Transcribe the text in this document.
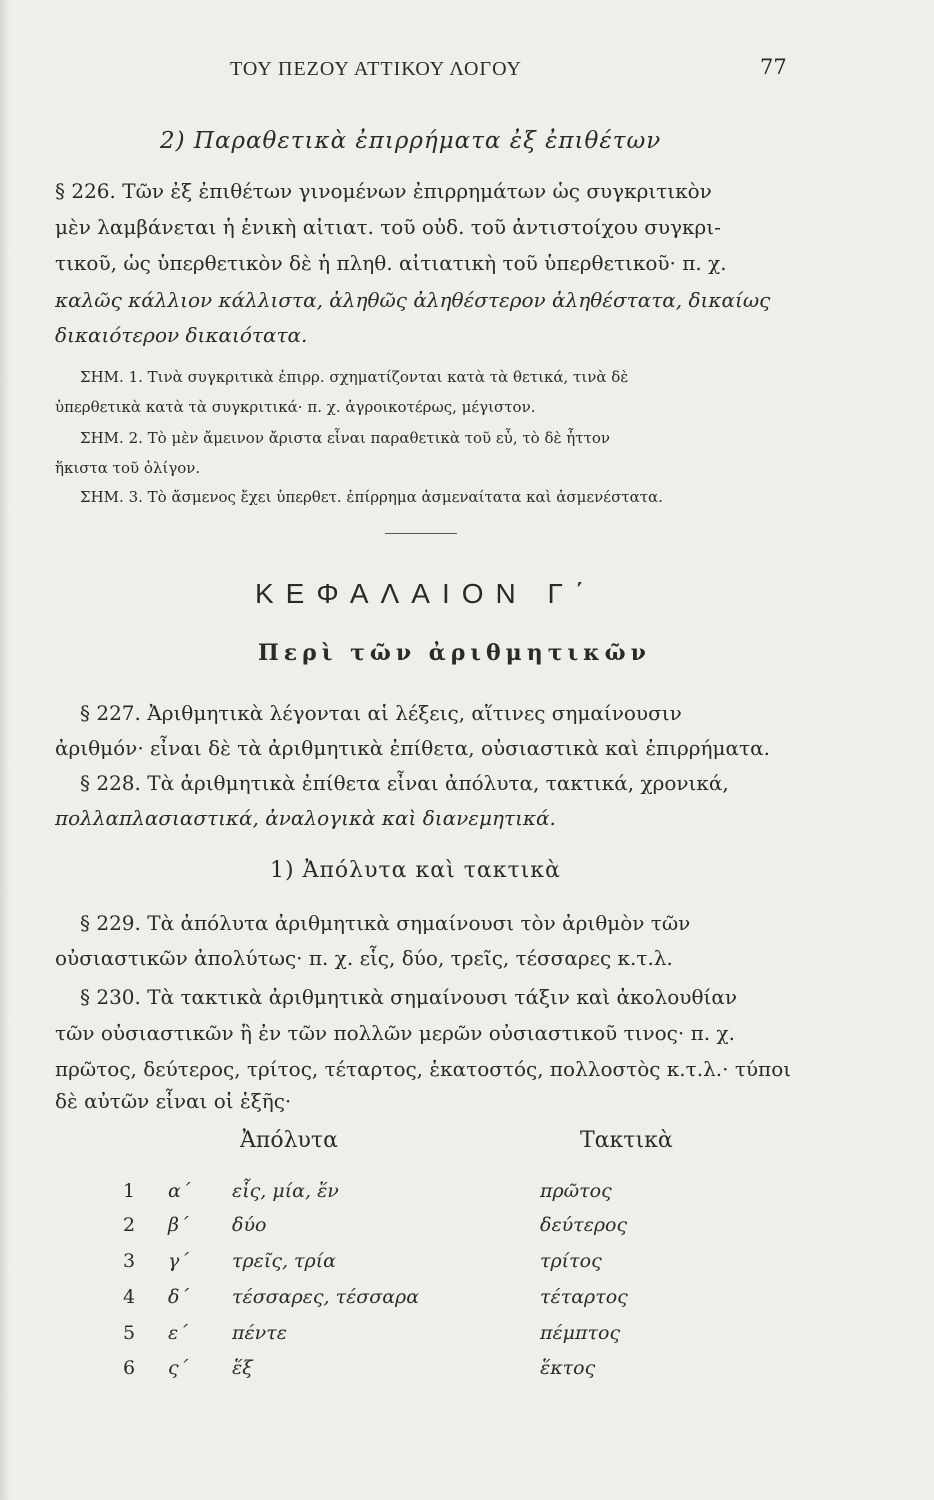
ΤΟΥ ΠΕΖΟΥ ΑΤΤΙΚΟΥ ΛΟΓΟΥ	77
2) Παραθετικὰ ἐπιρρήματα ἐξ ἐπιθέτων
§ 226. Τῶν ἐξ ἐπιθέτων γινομένων ἐπιρρημάτων ὡς συγκριτικὸν
μὲν λαμβάνεται ἡ ἑνικὴ αἰτιατ. τοῦ οὐδ. τοῦ ἀντιστοίχου συγκρι-
τικοῦ, ὡς ὑπερθετικὸν δὲ ἡ πληθ. αἰτιατικὴ τοῦ ὑπερθετικοῦ· π. χ.
καλῶς κάλλιον κάλλιστα, ἀληθῶς ἀληθέστερον ἀληθέστατα, δικαίως
δικαιότερον δικαιότατα.
ΣΗΜ. 1. Τινὰ συγκριτικὰ ἐπιρρ. σχηματίζονται κατὰ τὰ θετικά, τινὰ δὲ
ὑπερθετικὰ κατὰ τὰ συγκριτικά· π. χ. ἀγροικοτέρως, μέγιστον.
ΣΗΜ. 2. Τὸ μὲν ἄμεινον ἄριστα εἶναι παραθετικὰ τοῦ εὖ, τὸ δὲ ἧττον
ἥκιστα τοῦ ὀλίγον.
ΣΗΜ. 3. Τὸ ἄσμενος ἔχει ὑπερθετ. ἐπίρρημα ἀσμεναίτατα καὶ ἀσμενέστατα.
ΚΕΦΑΛΑΙΟΝ Γ΄
Περὶ τῶν ἀριθμητικῶν
§ 227. Ἀριθμητικὰ λέγονται αἱ λέξεις, αἵτινες σημαίνουσιν
ἀριθμόν· εἶναι δὲ τὰ ἀριθμητικὰ ἐπίθετα, οὐσιαστικὰ καὶ ἐπιρρήματα.
§ 228. Τὰ ἀριθμητικὰ ἐπίθετα εἶναι ἀπόλυτα, τακτικά, χρονικά,
πολλαπλασιαστικά, ἀναλογικὰ καὶ διανεμητικά.
1) Ἀπόλυτα καὶ τακτικὰ
§ 229. Τὰ ἀπόλυτα ἀριθμητικὰ σημαίνουσι τὸν ἀριθμὸν τῶν
οὐσιαστικῶν ἀπολύτως· π. χ. εἷς, δύο, τρεῖς, τέσσαρες κ.τ.λ.
§ 230. Τὰ τακτικὰ ἀριθμητικὰ σημαίνουσι τάξιν καὶ ἀκολουθίαν
τῶν οὐσιαστικῶν ἢ ἐν τῶν πολλῶν μερῶν οὐσιαστικοῦ τινος· π. χ.
πρῶτος, δεύτερος, τρίτος, τέταρτος, ἑκατοστός, πολλοστὸς κ.τ.λ.· τύποι
δὲ αὐτῶν εἶναι οἱ ἑξῆς·
Ἀπόλυτα	Τακτικὰ
1 α΄ εἷς, μία, ἕν	πρῶτος
2 β΄ δύο	δεύτερος
3 γ΄ τρεῖς, τρία	τρίτος
4 δ΄ τέσσαρες, τέσσαρα	τέταρτος
5 ε΄ πέντε	πέμπτος
6 ς΄ ἕξ	ἕκτος
